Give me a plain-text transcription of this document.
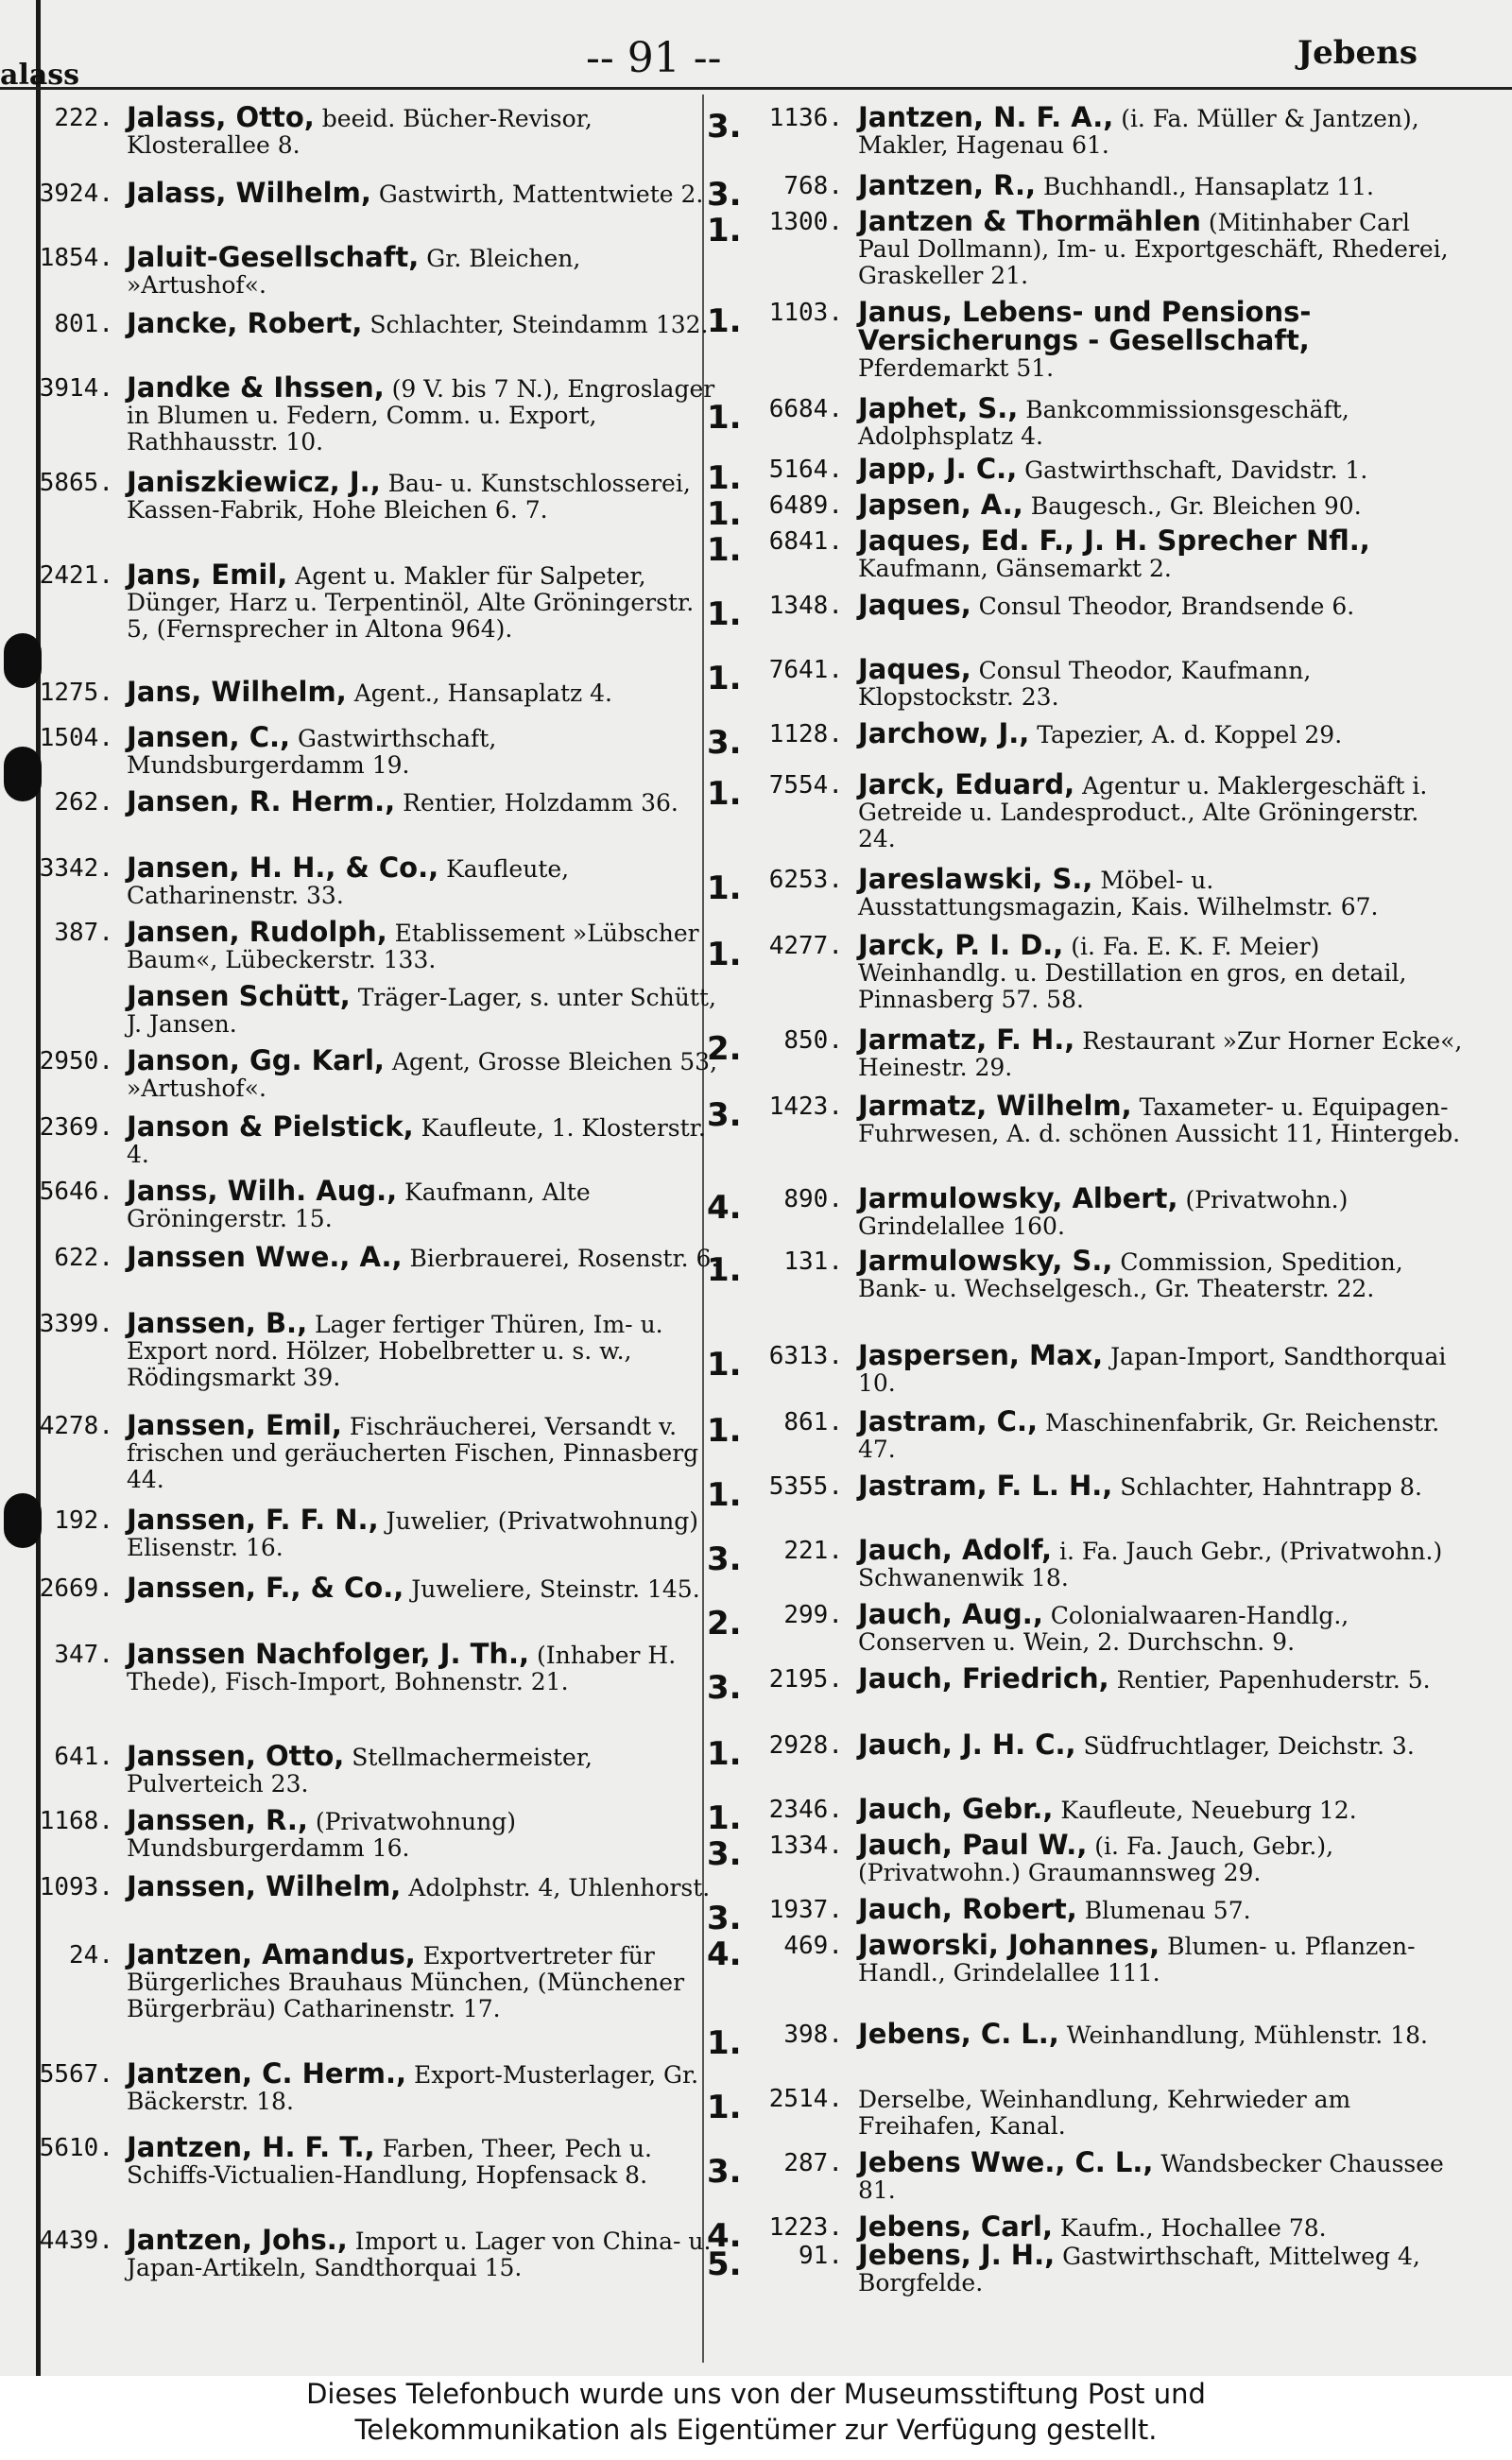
alass	-- 91 --	Jebens
222. Jalass, Otto, beeid. Bücher-Revisor, Klosterallee 8.
3924. Jalass, Wilhelm, Gastwirth, Mattentwiete 2.
1854. Jaluit-Gesellschaft, Gr. Bleichen, »Artushof«.
801. Jancke, Robert, Schlachter, Steindamm 132.
3914. Jandke & Ihssen, (9 V. bis 7 N.), Engroslager in Blumen u. Federn, Comm. u. Export, Rathhausstr. 10.
5865. Janiszkiewicz, J., Bau- u. Kunstschlosserei, Kassen-Fabrik, Hohe Bleichen 6. 7.
2421. Jans, Emil, Agent u. Makler für Salpeter, Dünger, Harz u. Terpentinöl, Alte Gröningerstr. 5, (Fernsprecher in Altona 964).
1275. Jans, Wilhelm, Agent., Hansaplatz 4.
1504. Jansen, C., Gastwirthschaft, Mundsburgerdamm 19.
262. Jansen, R. Herm., Rentier, Holzdamm 36.
3342. Jansen, H. H., & Co., Kaufleute, Catharinenstr. 33.
387. Jansen, Rudolph, Etablissement »Lübscher Baum«, Lübeckerstr. 133.
Jansen Schütt, Träger-Lager, s. unter Schütt, J. Jansen.
2950. Janson, Gg. Karl, Agent, Grosse Bleichen 53, »Artushof«.
2369. Janson & Pielstick, Kaufleute, 1. Klosterstr. 4.
5646. Janss, Wilh. Aug., Kaufmann, Alte Gröningerstr. 15.
622. Janssen Wwe., A., Bierbrauerei, Rosenstr. 6.
3399. Janssen, B., Lager fertiger Thüren, Im- u. Export nord. Hölzer, Hobelbretter u. s. w., Rödingsmarkt 39.
4278. Janssen, Emil, Fischräucherei, Versandt v. frischen und geräucherten Fischen, Pinnasberg 44.
192. Janssen, F. F. N., Juwelier, (Privatwohnung) Elisenstr. 16.
2669. Janssen, F., & Co., Juweliere, Steinstr. 145.
347. Janssen Nachfolger, J. Th., (Inhaber H. Thede), Fisch-Import, Bohnenstr. 21.
641. Janssen, Otto, Stellmachermeister, Pulverteich 23.
1168. Janssen, R., (Privatwohnung) Mundsburgerdamm 16.
1093. Janssen, Wilhelm, Adolphstr. 4, Uhlenhorst.
24. Jantzen, Amandus, Exportvertreter für Bürgerliches Brauhaus München, (Münchener Bürgerbräu) Catharinenstr. 17.
5567. Jantzen, C. Herm., Export-Musterlager, Gr. Bäckerstr. 18.
5610. Jantzen, H. F. T., Farben, Theer, Pech u. Schiffs-Victualien-Handlung, Hopfensack 8.
4439. Jantzen, Johs., Import u. Lager von China- u. Japan-Artikeln, Sandthorquai 15.
3.	1136. Jantzen, N. F. A., (i. Fa. Müller & Jantzen), Makler, Hagenau 61.
3.	768. Jantzen, R., Buchhandl., Hansaplatz 11.
1.	1300. Jantzen & Thormählen (Mitinhaber Carl Paul Dollmann), Im- u. Exportgeschäft, Rhederei, Graskeller 21.
1.	1103. Janus, Lebens- und Pensions-Versicherungs - Gesellschaft, Pferdemarkt 51.
1.	6684. Japhet, S., Bankcommissionsgeschäft, Adolphsplatz 4.
1.	5164. Japp, J. C., Gastwirthschaft, Davidstr. 1.
1.	6489. Japsen, A., Baugesch., Gr. Bleichen 90.
1.	6841. Jaques, Ed. F., J. H. Sprecher Nfl., Kaufmann, Gänsemarkt 2.
1.	1348. Jaques, Consul Theodor, Brandsende 6.
1.	7641. Jaques, Consul Theodor, Kaufmann, Klopstockstr. 23.
3.	1128. Jarchow, J., Tapezier, A. d. Koppel 29.
1.	7554. Jarck, Eduard, Agentur u. Maklergeschäft i. Getreide u. Landesproduct., Alte Gröningerstr. 24.
1.	6253. Jareslawski, S., Möbel- u. Ausstattungsmagazin, Kais. Wilhelmstr. 67.
1.	4277. Jarck, P. I. D., (i. Fa. E. K. F. Meier) Weinhandlg. u. Destillation en gros, en detail, Pinnasberg 57. 58.
2.	850. Jarmatz, F. H., Restaurant »Zur Horner Ecke«, Heinestr. 29.
3.	1423. Jarmatz, Wilhelm, Taxameter- u. Equipagen-Fuhrwesen, A. d. schönen Aussicht 11, Hintergeb.
4.	890. Jarmulowsky, Albert, (Privatwohn.) Grindelallee 160.
1.	131. Jarmulowsky, S., Commission, Spedition, Bank- u. Wechselgesch., Gr. Theaterstr. 22.
1.	6313. Jaspersen, Max, Japan-Import, Sandthorquai 10.
1.	861. Jastram, C., Maschinenfabrik, Gr. Reichenstr. 47.
1.	5355. Jastram, F. L. H., Schlachter, Hahntrapp 8.
3.	221. Jauch, Adolf, i. Fa. Jauch Gebr., (Privatwohn.) Schwanenwik 18.
2.	299. Jauch, Aug., Colonialwaaren-Handlg., Conserven u. Wein, 2. Durchschn. 9.
3.	2195. Jauch, Friedrich, Rentier, Papenhuderstr. 5.
1.	2928. Jauch, J. H. C., Südfruchtlager, Deichstr. 3.
1.	2346. Jauch, Gebr., Kaufleute, Neueburg 12.
3.	1334. Jauch, Paul W., (i. Fa. Jauch, Gebr.), (Privatwohn.) Graumannsweg 29.
3.	1937. Jauch, Robert, Blumenau 57.
4.	469. Jaworski, Johannes, Blumen- u. Pflanzen-Handl., Grindelallee 111.
1.	398. Jebens, C. L., Weinhandlung, Mühlenstr. 18.
1.	2514. Derselbe, Weinhandlung, Kehrwieder am Freihafen, Kanal.
3.	287. Jebens Wwe., C. L., Wandsbecker Chaussee 81.
4.	1223. Jebens, Carl, Kaufm., Hochallee 78.
5.	91. Jebens, J. H., Gastwirthschaft, Mittelweg 4, Borgfelde.
Dieses Telefonbuch wurde uns von der Museumsstiftung Post und
Telekommunikation als Eigentümer zur Verfügung gestellt.
